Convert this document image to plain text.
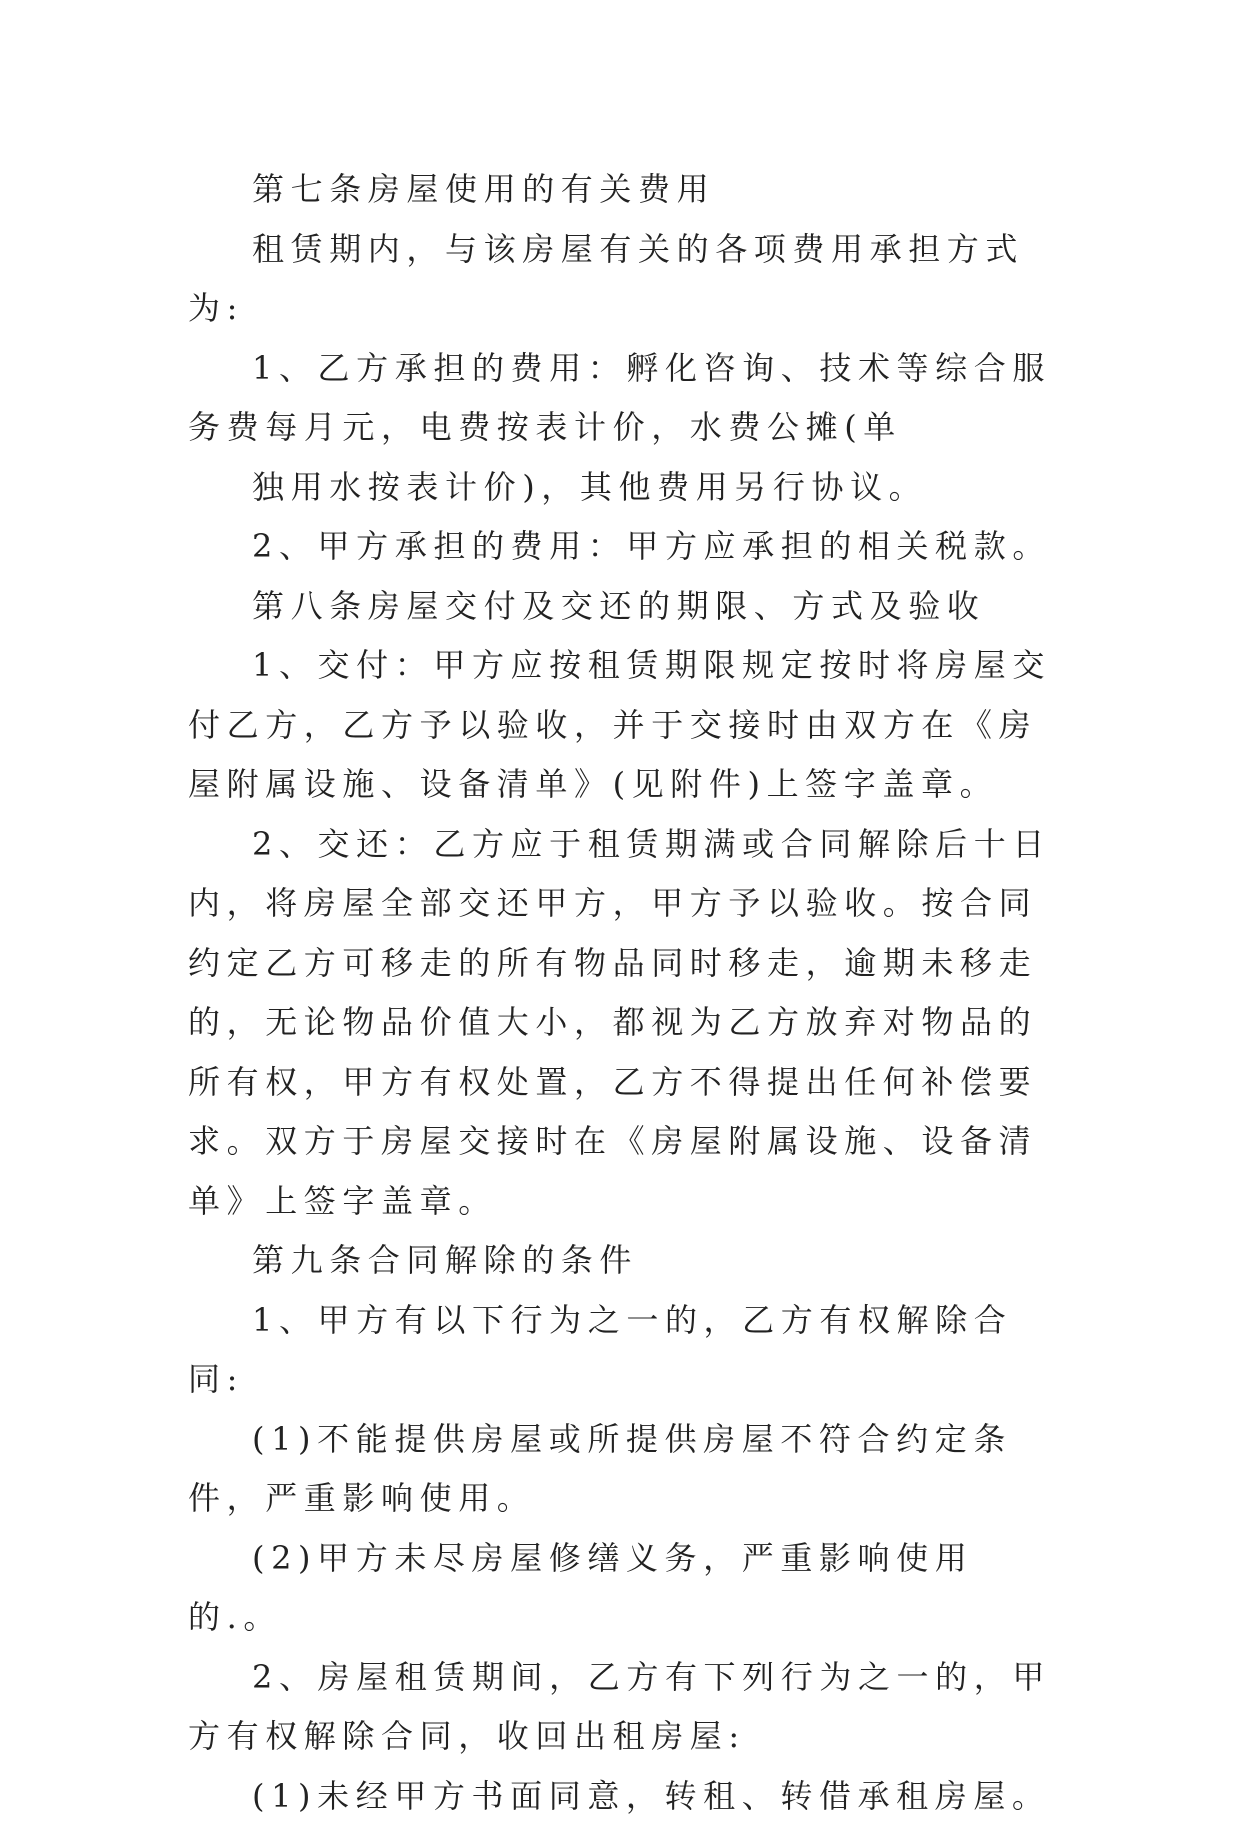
第七条房屋使用的有关费用

租赁期内，与该房屋有关的各项费用承担方式为:

1、乙方承担的费用：孵化咨询、技术等综合服务费每月元，电费按表计价，水费公摊(单

独用水按表计价)，其他费用另行协议。

2、甲方承担的费用：甲方应承担的相关税款。

第八条房屋交付及交还的期限、方式及验收

1、交付：甲方应按租赁期限规定按时将房屋交付乙方，乙方予以验收，并于交接时由双方在《房屋附属设施、设备清单》(见附件)上签字盖章。

2、交还：乙方应于租赁期满或合同解除后十日内，将房屋全部交还甲方，甲方予以验收。按合同约定乙方可移走的所有物品同时移走，逾期未移走的，无论物品价值大小，都视为乙方放弃对物品的所有权，甲方有权处置，乙方不得提出任何补偿要求。双方于房屋交接时在《房屋附属设施、设备清单》上签字盖章。

第九条合同解除的条件

1、甲方有以下行为之一的，乙方有权解除合同:

(1)不能提供房屋或所提供房屋不符合约定条件，严重影响使用。

(2)甲方未尽房屋修缮义务，严重影响使用的.。

2、房屋租赁期间，乙方有下列行为之一的，甲方有权解除合同，收回出租房屋:

(1)未经甲方书面同意，转租、转借承租房屋。
